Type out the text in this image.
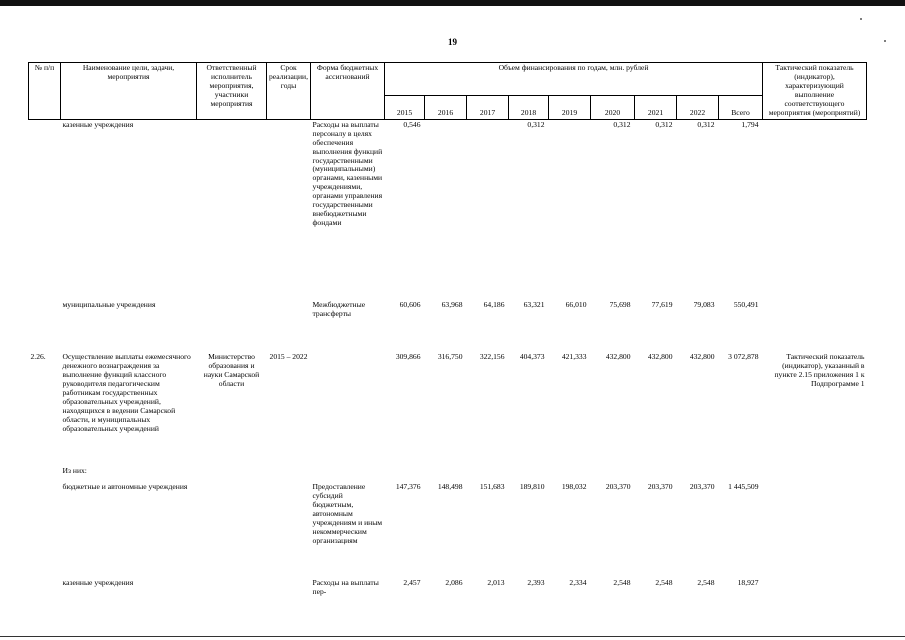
19
№ п/п	Наименование цели, задачи, мероприятия	Ответственный исполнитель мероприятия, участники мероприятия	Срок реализации, годы	Форма бюджетных ассигнований	Объем финансирования по годам, млн. рублей									Тактический показатель (индикатор), характеризующий выполнение соответствующего мероприятия (мероприятий)
					2015	2016	2017	2018	2019	2020	2021	2022	Всего	
	казенные учреждения			Расходы на выплаты персоналу в целях обеспечения выполнения функций государственными (муниципальными) органами, казенными учреждениями, органами управления государственными внебюджетными фондами	0,546			0,312		0,312	0,312	0,312	1,794	
	муниципальные учреждения			Межбюджетные трансферты	60,606	63,968	64,186	63,321	66,010	75,698	77,619	79,083	550,491	
2.26.	Осуществление выплаты ежемесячного денежного вознаграждения за выполнение функций классного руководителя педагогическим работникам государственных образовательных учреждений, находящихся в ведении Самарской области, и муниципальных образовательных учреждений	Министерство образования и науки Самарской области	2015 – 2022		309,866	316,750	322,156	404,373	421,333	432,800	432,800	432,800	3 072,878	Тактический показатель (индикатор), указанный в пункте 2.15 приложения 1 к Подпрограмме 1
	Из них:													
	бюджетные и автономные учреждения			Предоставление субсидий бюджетным, автономным учреждениям и иным некоммерческим организациям	147,376	148,498	151,683	189,810	198,032	203,370	203,370	203,370	1 445,509	
	казенные учреждения			Расходы на выплаты пер-	2,457	2,086	2,013	2,393	2,334	2,548	2,548	2,548	18,927	
